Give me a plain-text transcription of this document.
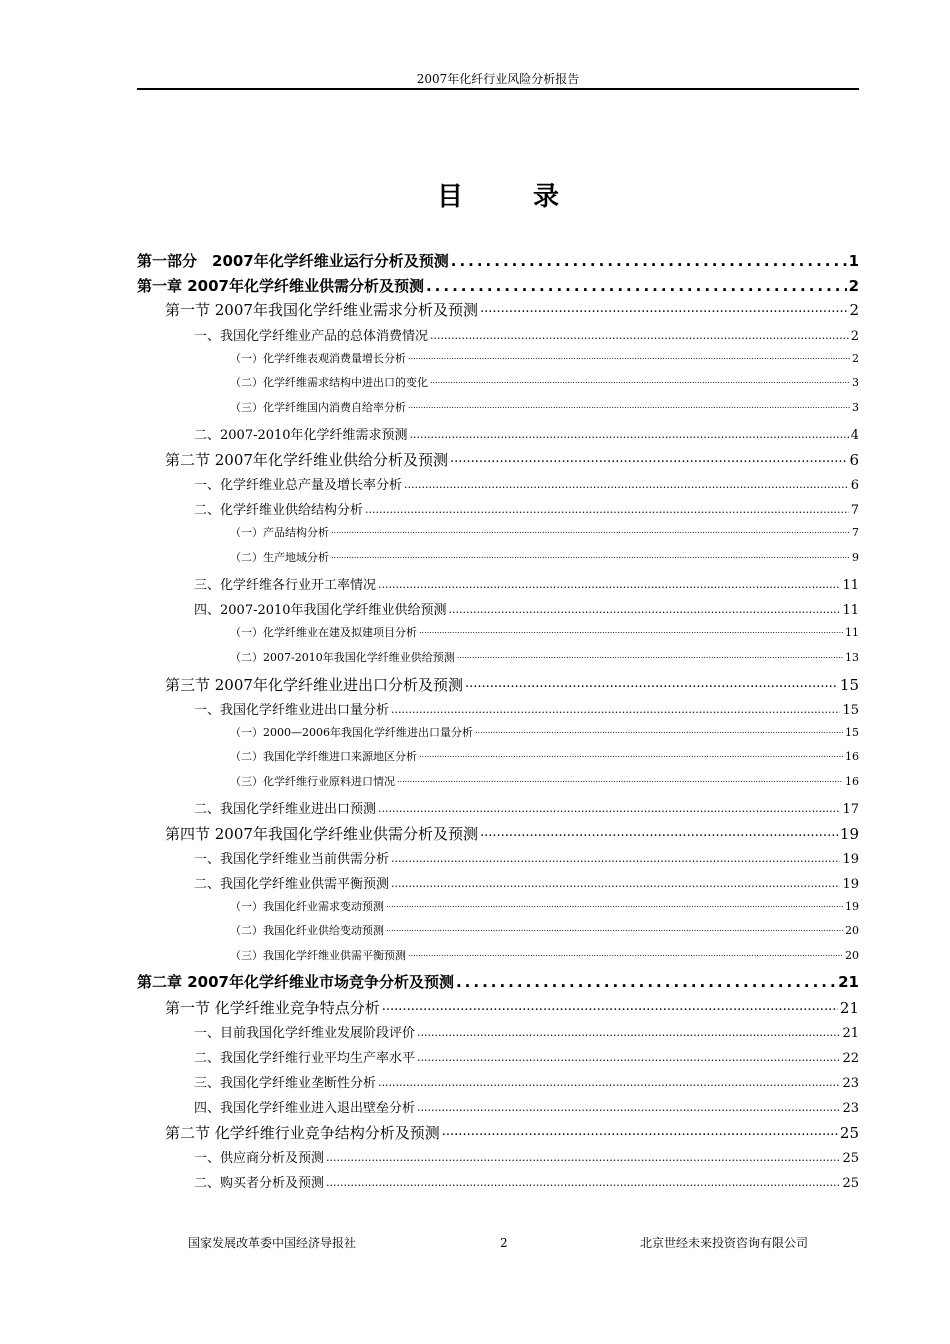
2007年化纤行业风险分析报告
目　录
第一部分　2007年化学纤维业运行分析及预测 .....	1
第一章 2007年化学纤维业供需分析及预测 .....	2
第一节 2007年我国化学纤维业需求分析及预测 .....	2
一、我国化学纤维业产品的总体消费情况 .....	2
（一）化学纤维表观消费量增长分析 .....	2
（二）化学纤维需求结构中进出口的变化 .....	3
（三）化学纤维国内消费自给率分析 .....	3
二、2007-2010年化学纤维需求预测 .....	4
第二节 2007年化学纤维业供给分析及预测 .....	6
一、化学纤维业总产量及增长率分析 .....	6
二、化学纤维业供给结构分析 .....	7
（一）产品结构分析 .....	7
（二）生产地域分析 .....	9
三、化学纤维各行业开工率情况 .....	11
四、2007-2010年我国化学纤维业供给预测 .....	11
（一）化学纤维业在建及拟建项目分析 .....	11
（二）2007-2010年我国化学纤维业供给预测 .....	13
第三节 2007年化学纤维业进出口分析及预测 .....	15
一、我国化学纤维业进出口量分析 .....	15
（一）2000—2006年我国化学纤维进出口量分析 .....	15
（二）我国化学纤维进口来源地区分析 .....	16
（三）化学纤维行业原料进口情况 .....	16
二、我国化学纤维业进出口预测 .....	17
第四节 2007年我国化学纤维业供需分析及预测 .....	19
一、我国化学纤维业当前供需分析 .....	19
二、我国化学纤维业供需平衡预测 .....	19
（一）我国化纤业需求变动预测 .....	19
（二）我国化纤业供给变动预测 .....	20
（三）我国化学纤维业供需平衡预测 .....	20
第二章 2007年化学纤维业市场竞争分析及预测 .....	21
第一节 化学纤维业竞争特点分析 .....	21
一、目前我国化学纤维业发展阶段评价 .....	21
二、我国化学纤维行业平均生产率水平 .....	22
三、我国化学纤维业垄断性分析 .....	23
四、我国化学纤维业进入退出壁垒分析 .....	23
第二节 化学纤维行业竞争结构分析及预测 .....	25
一、供应商分析及预测 .....	25
二、购买者分析及预测 .....	25
国家发展改革委中国经济导报社	2	北京世经未来投资咨询有限公司
